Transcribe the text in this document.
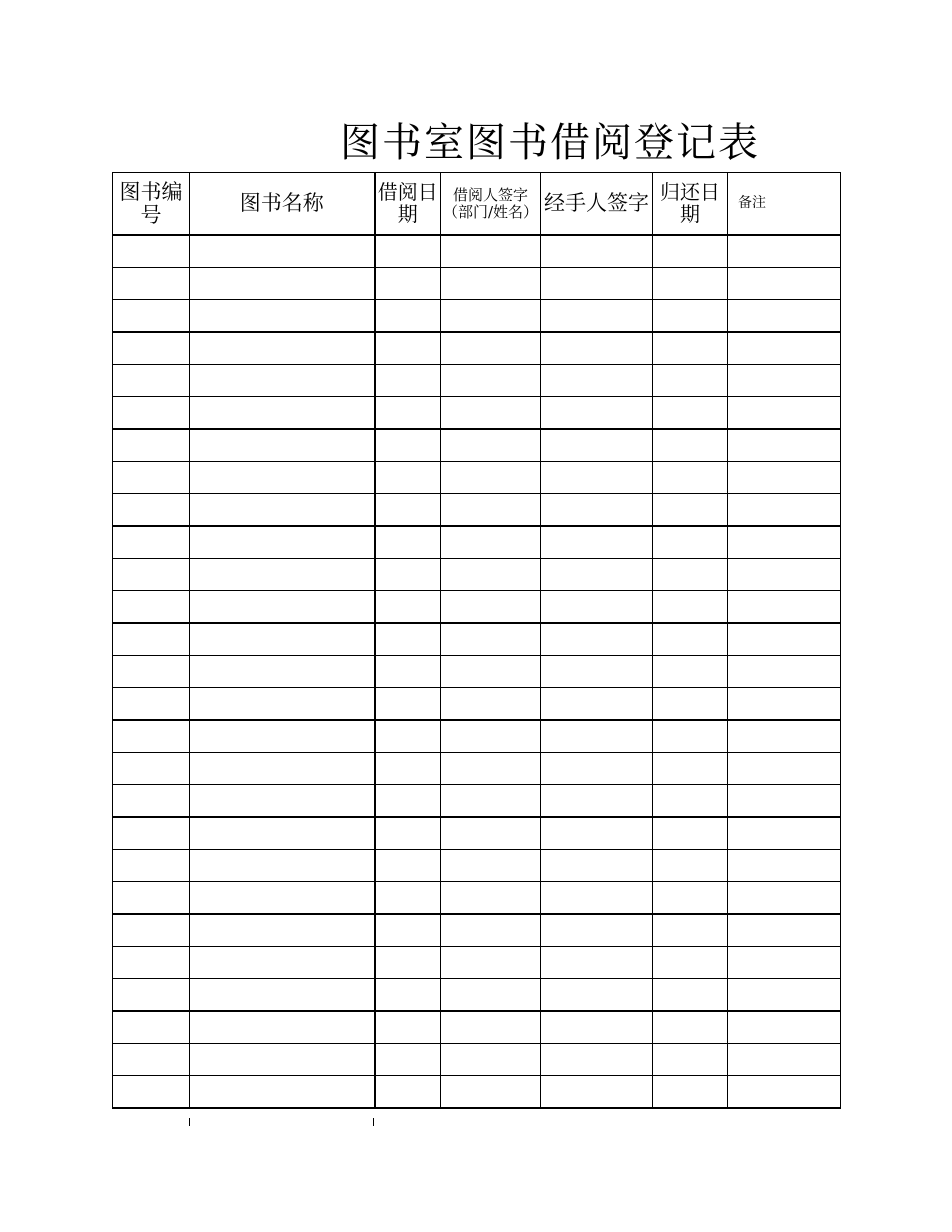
图书室图书借阅登记表
图书编号	图书名称	借阅日期	借阅人签字（部门/姓名）	经手人签字	归还日期	备注
